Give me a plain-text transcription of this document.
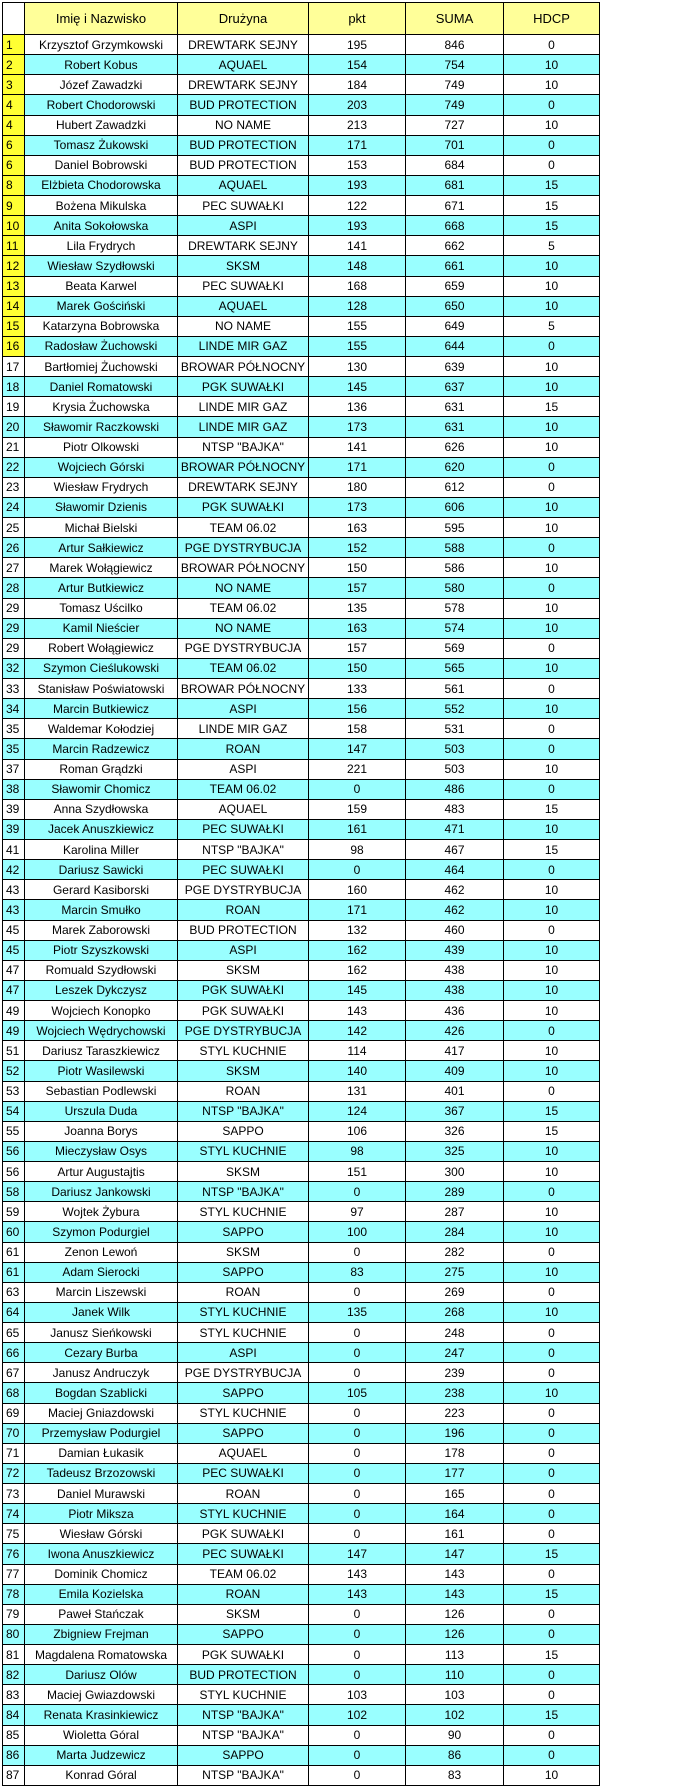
	Imię i Nazwisko	Drużyna	pkt	SUMA	HDCP
1	Krzysztof Grzymkowski	DREWTARK SEJNY	195	846	0
2	Robert Kobus	AQUAEL	154	754	10
3	Józef Zawadzki	DREWTARK SEJNY	184	749	10
4	Robert Chodorowski	BUD PROTECTION	203	749	0
4	Hubert Zawadzki	NO NAME	213	727	10
6	Tomasz Żukowski	BUD PROTECTION	171	701	0
6	Daniel Bobrowski	BUD PROTECTION	153	684	0
8	Elżbieta Chodorowska	AQUAEL	193	681	15
9	Bożena Mikulska	PEC SUWAŁKI	122	671	15
10	Anita Sokołowska	ASPI	193	668	15
11	Lila Frydrych	DREWTARK SEJNY	141	662	5
12	Wiesław Szydłowski	SKSM	148	661	10
13	Beata Karwel	PEC SUWAŁKI	168	659	10
14	Marek Gościński	AQUAEL	128	650	10
15	Katarzyna Bobrowska	NO NAME	155	649	5
16	Radosław Żuchowski	LINDE MIR GAZ	155	644	0
17	Bartłomiej Żuchowski	BROWAR PÓŁNOCNY	130	639	10
18	Daniel Romatowski	PGK SUWAŁKI	145	637	10
19	Krysia Żuchowska	LINDE MIR GAZ	136	631	15
20	Sławomir Raczkowski	LINDE MIR GAZ	173	631	10
21	Piotr Olkowski	NTSP "BAJKA"	141	626	10
22	Wojciech Górski	BROWAR PÓŁNOCNY	171	620	0
23	Wiesław Frydrych	DREWTARK SEJNY	180	612	0
24	Sławomir Dzienis	PGK SUWAŁKI	173	606	10
25	Michał Bielski	TEAM 06.02	163	595	10
26	Artur Sałkiewicz	PGE DYSTRYBUCJA	152	588	0
27	Marek Wołągiewicz	BROWAR PÓŁNOCNY	150	586	10
28	Artur Butkiewicz	NO NAME	157	580	0
29	Tomasz Uścilko	TEAM 06.02	135	578	10
29	Kamil Nieścier	NO NAME	163	574	10
29	Robert Wołągiewicz	PGE DYSTRYBUCJA	157	569	0
32	Szymon Cieślukowski	TEAM 06.02	150	565	10
33	Stanisław Poświatowski	BROWAR PÓŁNOCNY	133	561	0
34	Marcin Butkiewicz	ASPI	156	552	10
35	Waldemar Kołodziej	LINDE MIR GAZ	158	531	0
35	Marcin Radzewicz	ROAN	147	503	0
37	Roman Grądzki	ASPI	221	503	10
38	Sławomir Chomicz	TEAM 06.02	0	486	0
39	Anna Szydłowska	AQUAEL	159	483	15
39	Jacek Anuszkiewicz	PEC SUWAŁKI	161	471	10
41	Karolina Miller	NTSP "BAJKA"	98	467	15
42	Dariusz Sawicki	PEC SUWAŁKI	0	464	0
43	Gerard Kasiborski	PGE DYSTRYBUCJA	160	462	10
43	Marcin Smułko	ROAN	171	462	10
45	Marek Zaborowski	BUD PROTECTION	132	460	0
45	Piotr Szyszkowski	ASPI	162	439	10
47	Romuald Szydłowski	SKSM	162	438	10
47	Leszek Dykczysz	PGK SUWAŁKI	145	438	10
49	Wojciech Konopko	PGK SUWAŁKI	143	436	10
49	Wojciech Wędrychowski	PGE DYSTRYBUCJA	142	426	0
51	Dariusz Taraszkiewicz	STYL KUCHNIE	114	417	10
52	Piotr Wasilewski	SKSM	140	409	10
53	Sebastian Podlewski	ROAN	131	401	0
54	Urszula Duda	NTSP "BAJKA"	124	367	15
55	Joanna Borys	SAPPO	106	326	15
56	Mieczysław Osys	STYL KUCHNIE	98	325	10
56	Artur Augustajtis	SKSM	151	300	10
58	Dariusz Jankowski	NTSP "BAJKA"	0	289	0
59	Wojtek Żybura	STYL KUCHNIE	97	287	10
60	Szymon Podurgiel	SAPPO	100	284	10
61	Zenon Lewoń	SKSM	0	282	0
61	Adam Sierocki	SAPPO	83	275	10
63	Marcin Liszewski	ROAN	0	269	0
64	Janek Wilk	STYL KUCHNIE	135	268	10
65	Janusz Sieńkowski	STYL KUCHNIE	0	248	0
66	Cezary Burba	ASPI	0	247	0
67	Janusz Andruczyk	PGE DYSTRYBUCJA	0	239	0
68	Bogdan Szablicki	SAPPO	105	238	10
69	Maciej Gniazdowski	STYL KUCHNIE	0	223	0
70	Przemysław Podurgiel	SAPPO	0	196	0
71	Damian Łukasik	AQUAEL	0	178	0
72	Tadeusz Brzozowski	PEC SUWAŁKI	0	177	0
73	Daniel Murawski	ROAN	0	165	0
74	Piotr Miksza	STYL KUCHNIE	0	164	0
75	Wiesław Górski	PGK SUWAŁKI	0	161	0
76	Iwona Anuszkiewicz	PEC SUWAŁKI	147	147	15
77	Dominik Chomicz	TEAM 06.02	143	143	0
78	Emila Kozielska	ROAN	143	143	15
79	Paweł Stańczak	SKSM	0	126	0
80	Zbigniew Frejman	SAPPO	0	126	0
81	Magdalena Romatowska	PGK SUWAŁKI	0	113	15
82	Dariusz Olów	BUD PROTECTION	0	110	0
83	Maciej Gwiazdowski	STYL KUCHNIE	103	103	0
84	Renata Krasinkiewicz	NTSP "BAJKA"	102	102	15
85	Wioletta Góral	NTSP "BAJKA"	0	90	0
86	Marta Judzewicz	SAPPO	0	86	0
87	Konrad Góral	NTSP "BAJKA"	0	83	10
